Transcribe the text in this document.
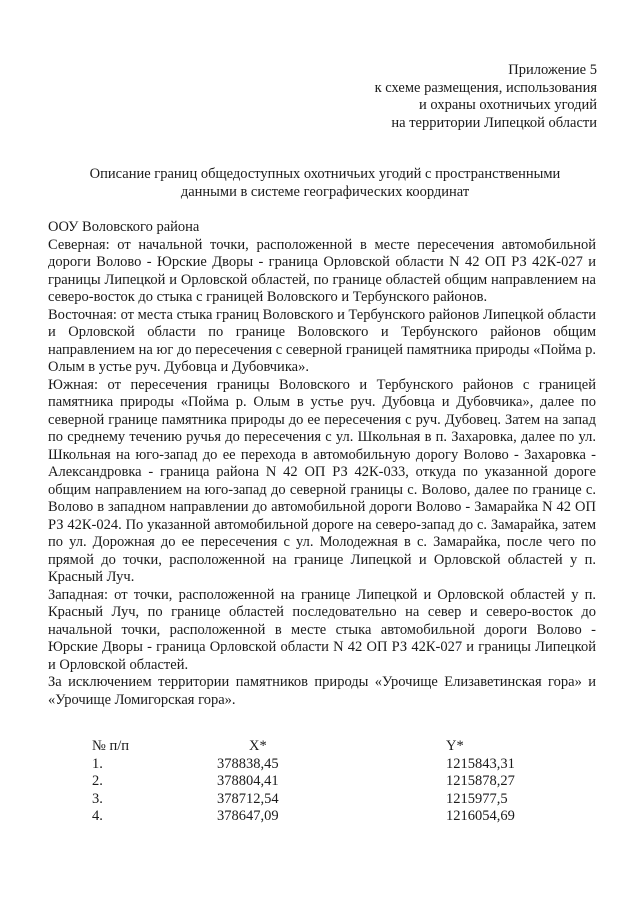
Приложение 5
к схеме размещения, использования
и охраны охотничьих угодий
на территории Липецкой области
Описание границ общедоступных охотничьих угодий с пространственными
данными в системе географических координат

ООУ Воловского района

Северная: от начальной точки, расположенной в месте пересечения автомобильной дороги Волово - Юрские Дворы - граница Орловской области N 42 ОП РЗ 42К-027 и границы Липецкой и Орловской областей, по границе областей общим направлением на северо-восток до стыка с границей Воловского и Тербунского районов.

Восточная: от места стыка границ Воловского и Тербунского районов Липецкой области и Орловской области по границе Воловского и Тербунского районов общим направлением на юг до пересечения с северной границей памятника природы «Пойма р. Олым в устье руч. Дубовца и Дубовчика».

Южная: от пересечения границы Воловского и Тербунского районов с границей памятника природы «Пойма р. Олым в устье руч. Дубовца и Дубовчика», далее по северной границе памятника природы до ее пересечения с руч. Дубовец. Затем на запад по среднему течению ручья до пересечения с ул. Школьная в п. Захаровка, далее по ул. Школьная на юго-запад до ее перехода в автомобильную дорогу Волово - Захаровка - Александровка - граница района N 42 ОП РЗ 42К-033, откуда по указанной дороге общим направлением на юго-запад до северной границы с. Волово, далее по границе с. Волово в западном направлении до автомобильной дороги Волово - Замарайка N 42 ОП РЗ 42К-024. По указанной автомобильной дороге на северо-запад до с. Замарайка, затем по ул. Дорожная до ее пересечения с ул. Молодежная в с. Замарайка, после чего по прямой до точки, расположенной на границе Липецкой и Орловской областей у п. Красный Луч.

Западная: от точки, расположенной на границе Липецкой и Орловской областей у п. Красный Луч, по границе областей последовательно на север и северо-восток до начальной точки, расположенной в месте стыка автомобильной дороги Волово - Юрские Дворы - граница Орловской области N 42 ОП РЗ 42К-027 и границы Липецкой и Орловской областей.

За исключением территории памятников природы «Урочище Елизаветинская гора» и «Урочище Ломигорская гора».

№ п/п	X*	Y*
1.	378838,45	1215843,31
2.	378804,41	1215878,27
3.	378712,54	1215977,5
4.	378647,09	1216054,69
